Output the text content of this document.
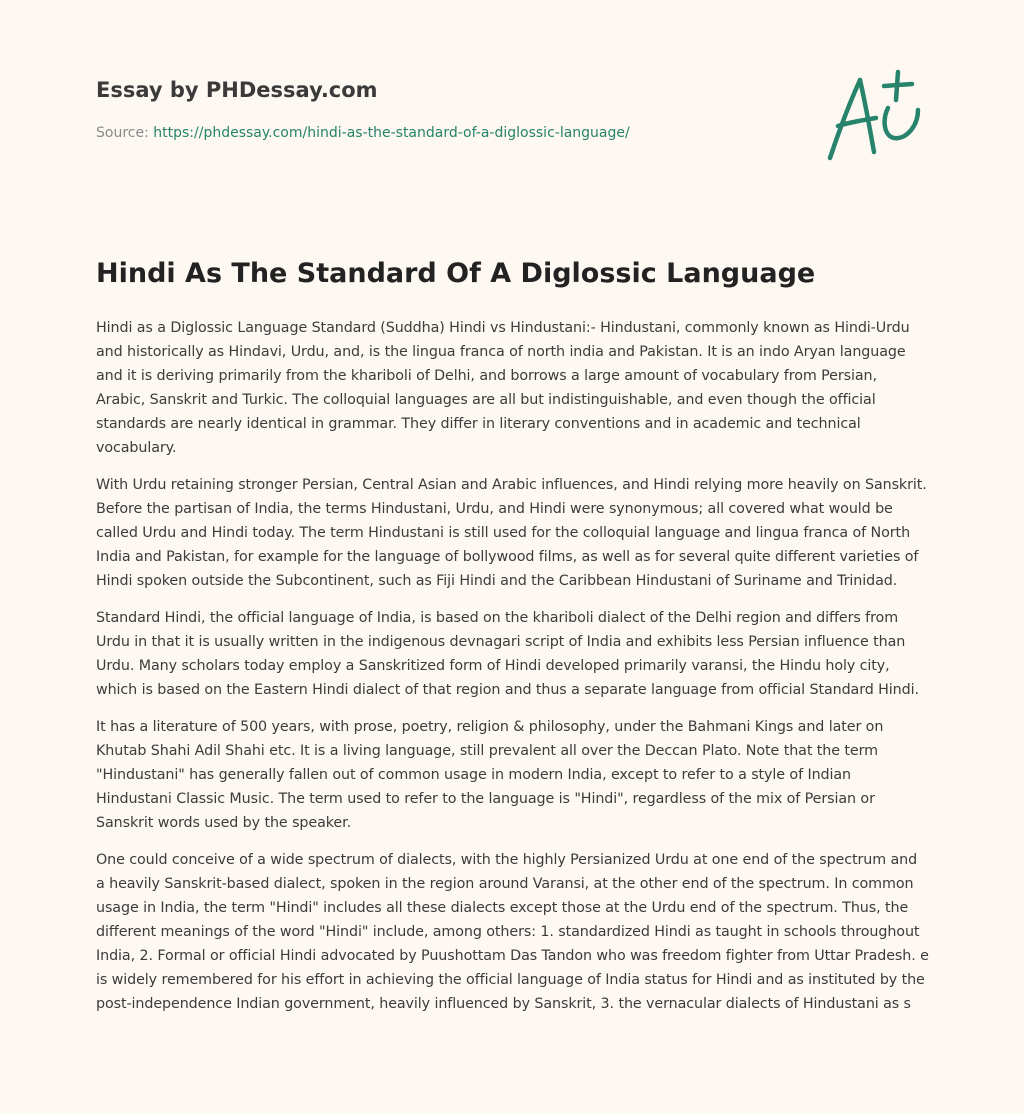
Essay by PHDessay.com

Source: https://phdessay.com/hindi-as-the-standard-of-a-diglossic-language/
Hindi As The Standard Of A Diglossic Language

Hindi as a Diglossic Language Standard (Suddha) Hindi vs Hindustani:- Hindustani, commonly known as Hindi-Urdu and historically as Hindavi, Urdu, and, is the lingua franca of north india and Pakistan. It is an indo Aryan language and it is deriving primarily from the khariboli of Delhi, and borrows a large amount of vocabulary from Persian, Arabic, Sanskrit and Turkic. The colloquial languages are all but indistinguishable, and even though the official standards are nearly identical in grammar. They differ in literary conventions and in academic and technical vocabulary.

With Urdu retaining stronger Persian, Central Asian and Arabic influences, and Hindi relying more heavily on Sanskrit. Before the partisan of India, the terms Hindustani, Urdu, and Hindi were synonymous; all covered what would be called Urdu and Hindi today. The term Hindustani is still used for the colloquial language and lingua franca of North India and Pakistan, for example for the language of bollywood films, as well as for several quite different varieties of Hindi spoken outside the Subcontinent, such as Fiji Hindi and the Caribbean Hindustani of Suriname and Trinidad.

Standard Hindi, the official language of India, is based on the khariboli dialect of the Delhi region and differs from Urdu in that it is usually written in the indigenous devnagari script of India and exhibits less Persian influence than Urdu. Many scholars today employ a Sanskritized form of Hindi developed primarily varansi, the Hindu holy city, which is based on the Eastern Hindi dialect of that region and thus a separate language from official Standard Hindi.

It has a literature of 500 years, with prose, poetry, religion & philosophy, under the Bahmani Kings and later on Khutab Shahi Adil Shahi etc. It is a living language, still prevalent all over the Deccan Plato. Note that the term "Hindustani" has generally fallen out of common usage in modern India, except to refer to a style of Indian Hindustani Classic Music. The term used to refer to the language is "Hindi", regardless of the mix of Persian or Sanskrit words used by the speaker.

One could conceive of a wide spectrum of dialects, with the highly Persianized Urdu at one end of the spectrum and a heavily Sanskrit-based dialect, spoken in the region around Varansi, at the other end of the spectrum. In common usage in India, the term "Hindi" includes all these dialects except those at the Urdu end of the spectrum. Thus, the different meanings of the word "Hindi" include, among others: 1. standardized Hindi as taught in schools throughout India, 2. Formal or official Hindi advocated by Puushottam Das Tandon who was freedom fighter from Uttar Pradesh. e is widely remembered for his effort in achieving the official language of India status for Hindi and as instituted by the post-independence Indian government, heavily influenced by Sanskrit, 3. the vernacular dialects of Hindustani as s
